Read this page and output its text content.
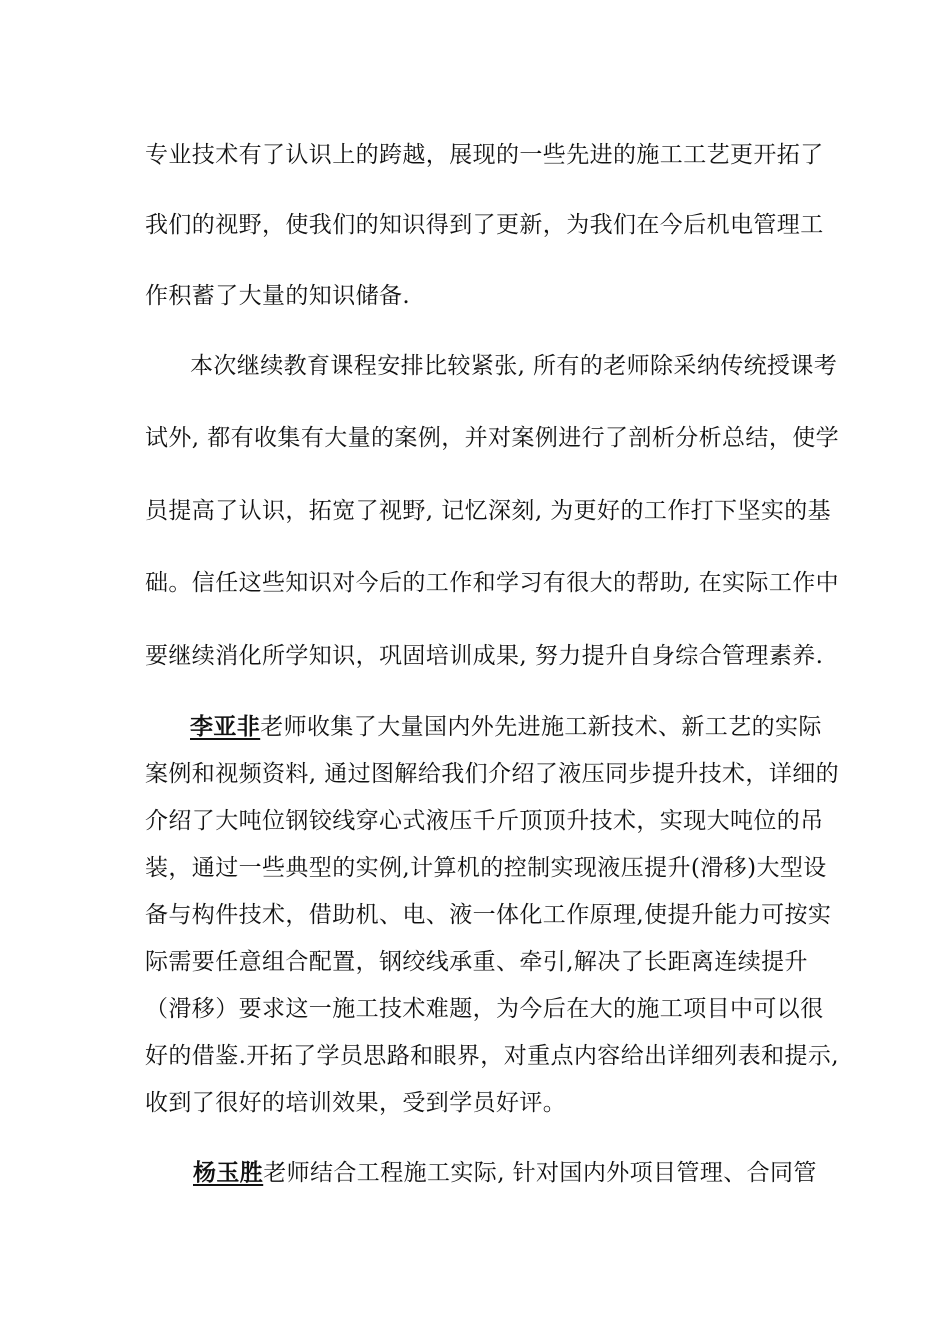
专业技术有了认识上的跨越，展现的一些先进的施工工艺更开拓了
我们的视野，使我们的知识得到了更新，为我们在今后机电管理工
作积蓄了大量的知识储备.
本次继续教育课程安排比较紧张, 所有的老师除采纳传统授课考
试外, 都有收集有大量的案例，并对案例进行了剖析分析总结，使学
员提高了认识，拓宽了视野, 记忆深刻, 为更好的工作打下坚实的基
础。信任这些知识对今后的工作和学习有很大的帮助, 在实际工作中
要继续消化所学知识，巩固培训成果, 努力提升自身综合管理素养.
李亚非老师收集了大量国内外先进施工新技术、新工艺的实际
案例和视频资料, 通过图解给我们介绍了液压同步提升技术，详细的
介绍了大吨位钢铰线穿心式液压千斤顶顶升技术，实现大吨位的吊
装，通过一些典型的实例,计算机的控制实现液压提升(滑移)大型设
备与构件技术，借助机、电、液一体化工作原理,使提升能力可按实
际需要任意组合配置，钢绞线承重、牵引,解决了长距离连续提升
（滑移）要求这一施工技术难题，为今后在大的施工项目中可以很
好的借鉴.开拓了学员思路和眼界，对重点内容给出详细列表和提示,
收到了很好的培训效果，受到学员好评。
杨玉胜老师结合工程施工实际, 针对国内外项目管理、合同管
